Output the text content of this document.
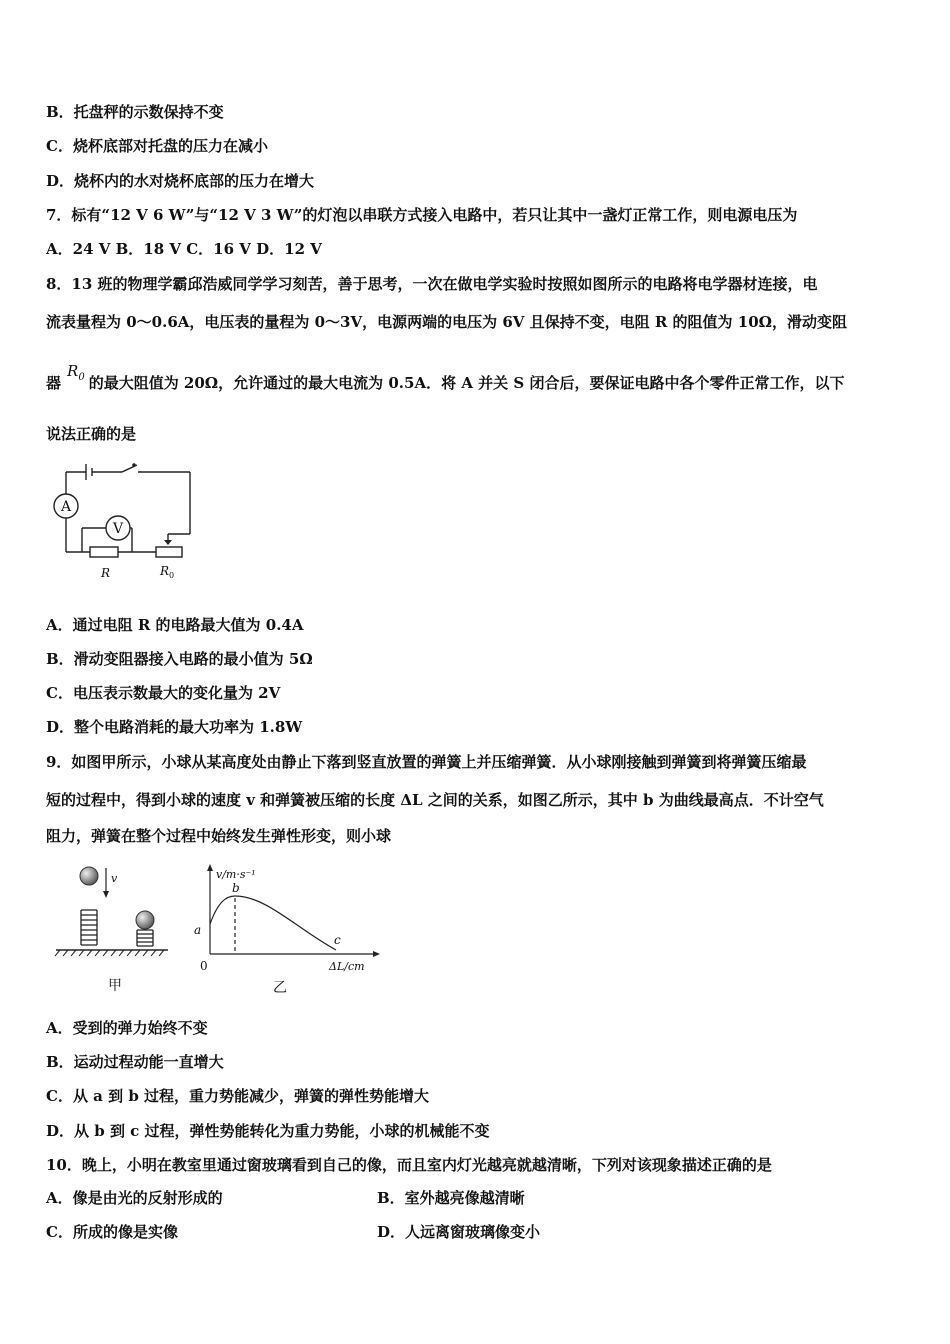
B．托盘秤的示数保持不变
C．烧杯底部对托盘的压力在减小
D．烧杯内的水对烧杯底部的压力在增大
7．标有“12 V 6 W”与“12 V 3 W”的灯泡以串联方式接入电路中，若只让其中一盏灯正常工作，则电源电压为
A．24 V B．18 V C．16 V D．12 V
8．13 班的物理学霸邱浩威同学学习刻苦，善于思考，一次在做电学实验时按照如图所示的电路将电学器材连接，电
流表量程为 0～0.6A，电压表的量程为 0～3V，电源两端的电压为 6V 且保持不变，电阻 R 的阻值为 10Ω，滑动变阻
器$R_0$ 的最大阻值为 20Ω，允许通过的最大电流为 0.5A．将 A 并关 S 闭合后，要保证电路中各个零件正常工作，以下
说法正确的是
A
V
R	R 0
A．通过电阻 R 的电路最大值为 0.4A
B．滑动变阻器接入电路的最小值为 5Ω
C．电压表示数最大的变化量为 2V
D．整个电路消耗的最大功率为 1.8W
9．如图甲所示，小球从某高度处由静止下落到竖直放置的弹簧上并压缩弹簧．从小球刚接触到弹簧到将弹簧压缩最
短的过程中，得到小球的速度 v 和弹簧被压缩的长度 ΔL 之间的关系，如图乙所示，其中 b 为曲线最高点．不计空气
阻力，弹簧在整个过程中始终发生弹性形变，则小球
v
甲
v/m·s⁻¹
ΔL/cm
0
a
b
c
乙
A．受到的弹力始终不变
B．运动过程动能一直增大
C．从 a 到 b 过程，重力势能减少，弹簧的弹性势能增大
D．从 b 到 c 过程，弹性势能转化为重力势能，小球的机械能不变
10．晚上，小明在教室里通过窗玻璃看到自己的像，而且室内灯光越亮就越清晰，下列对该现象描述正确的是
A．像是由光的反射形成的	B．室外越亮像越清晰
C．所成的像是实像	D．人远离窗玻璃像变小
